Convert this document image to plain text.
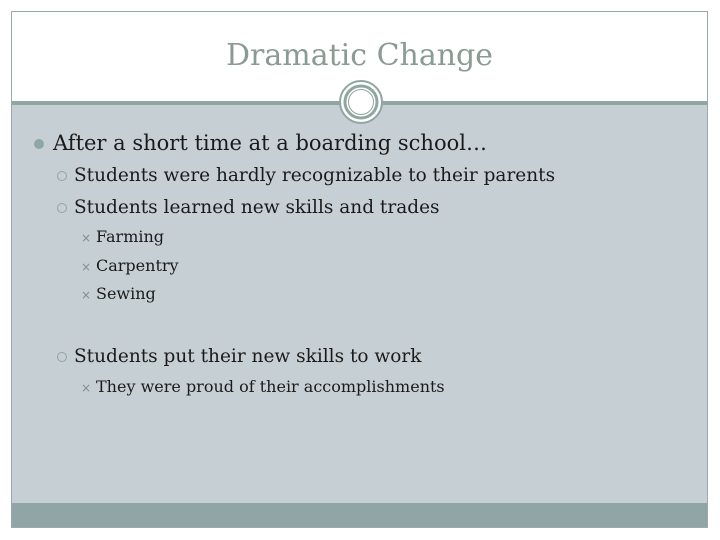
Dramatic Change
After a short time at a boarding school…
Students were hardly recognizable to their parents
Students learned new skills and trades
× Farming
× Carpentry
× Sewing
Students put their new skills to work
× They were proud of their accomplishments
